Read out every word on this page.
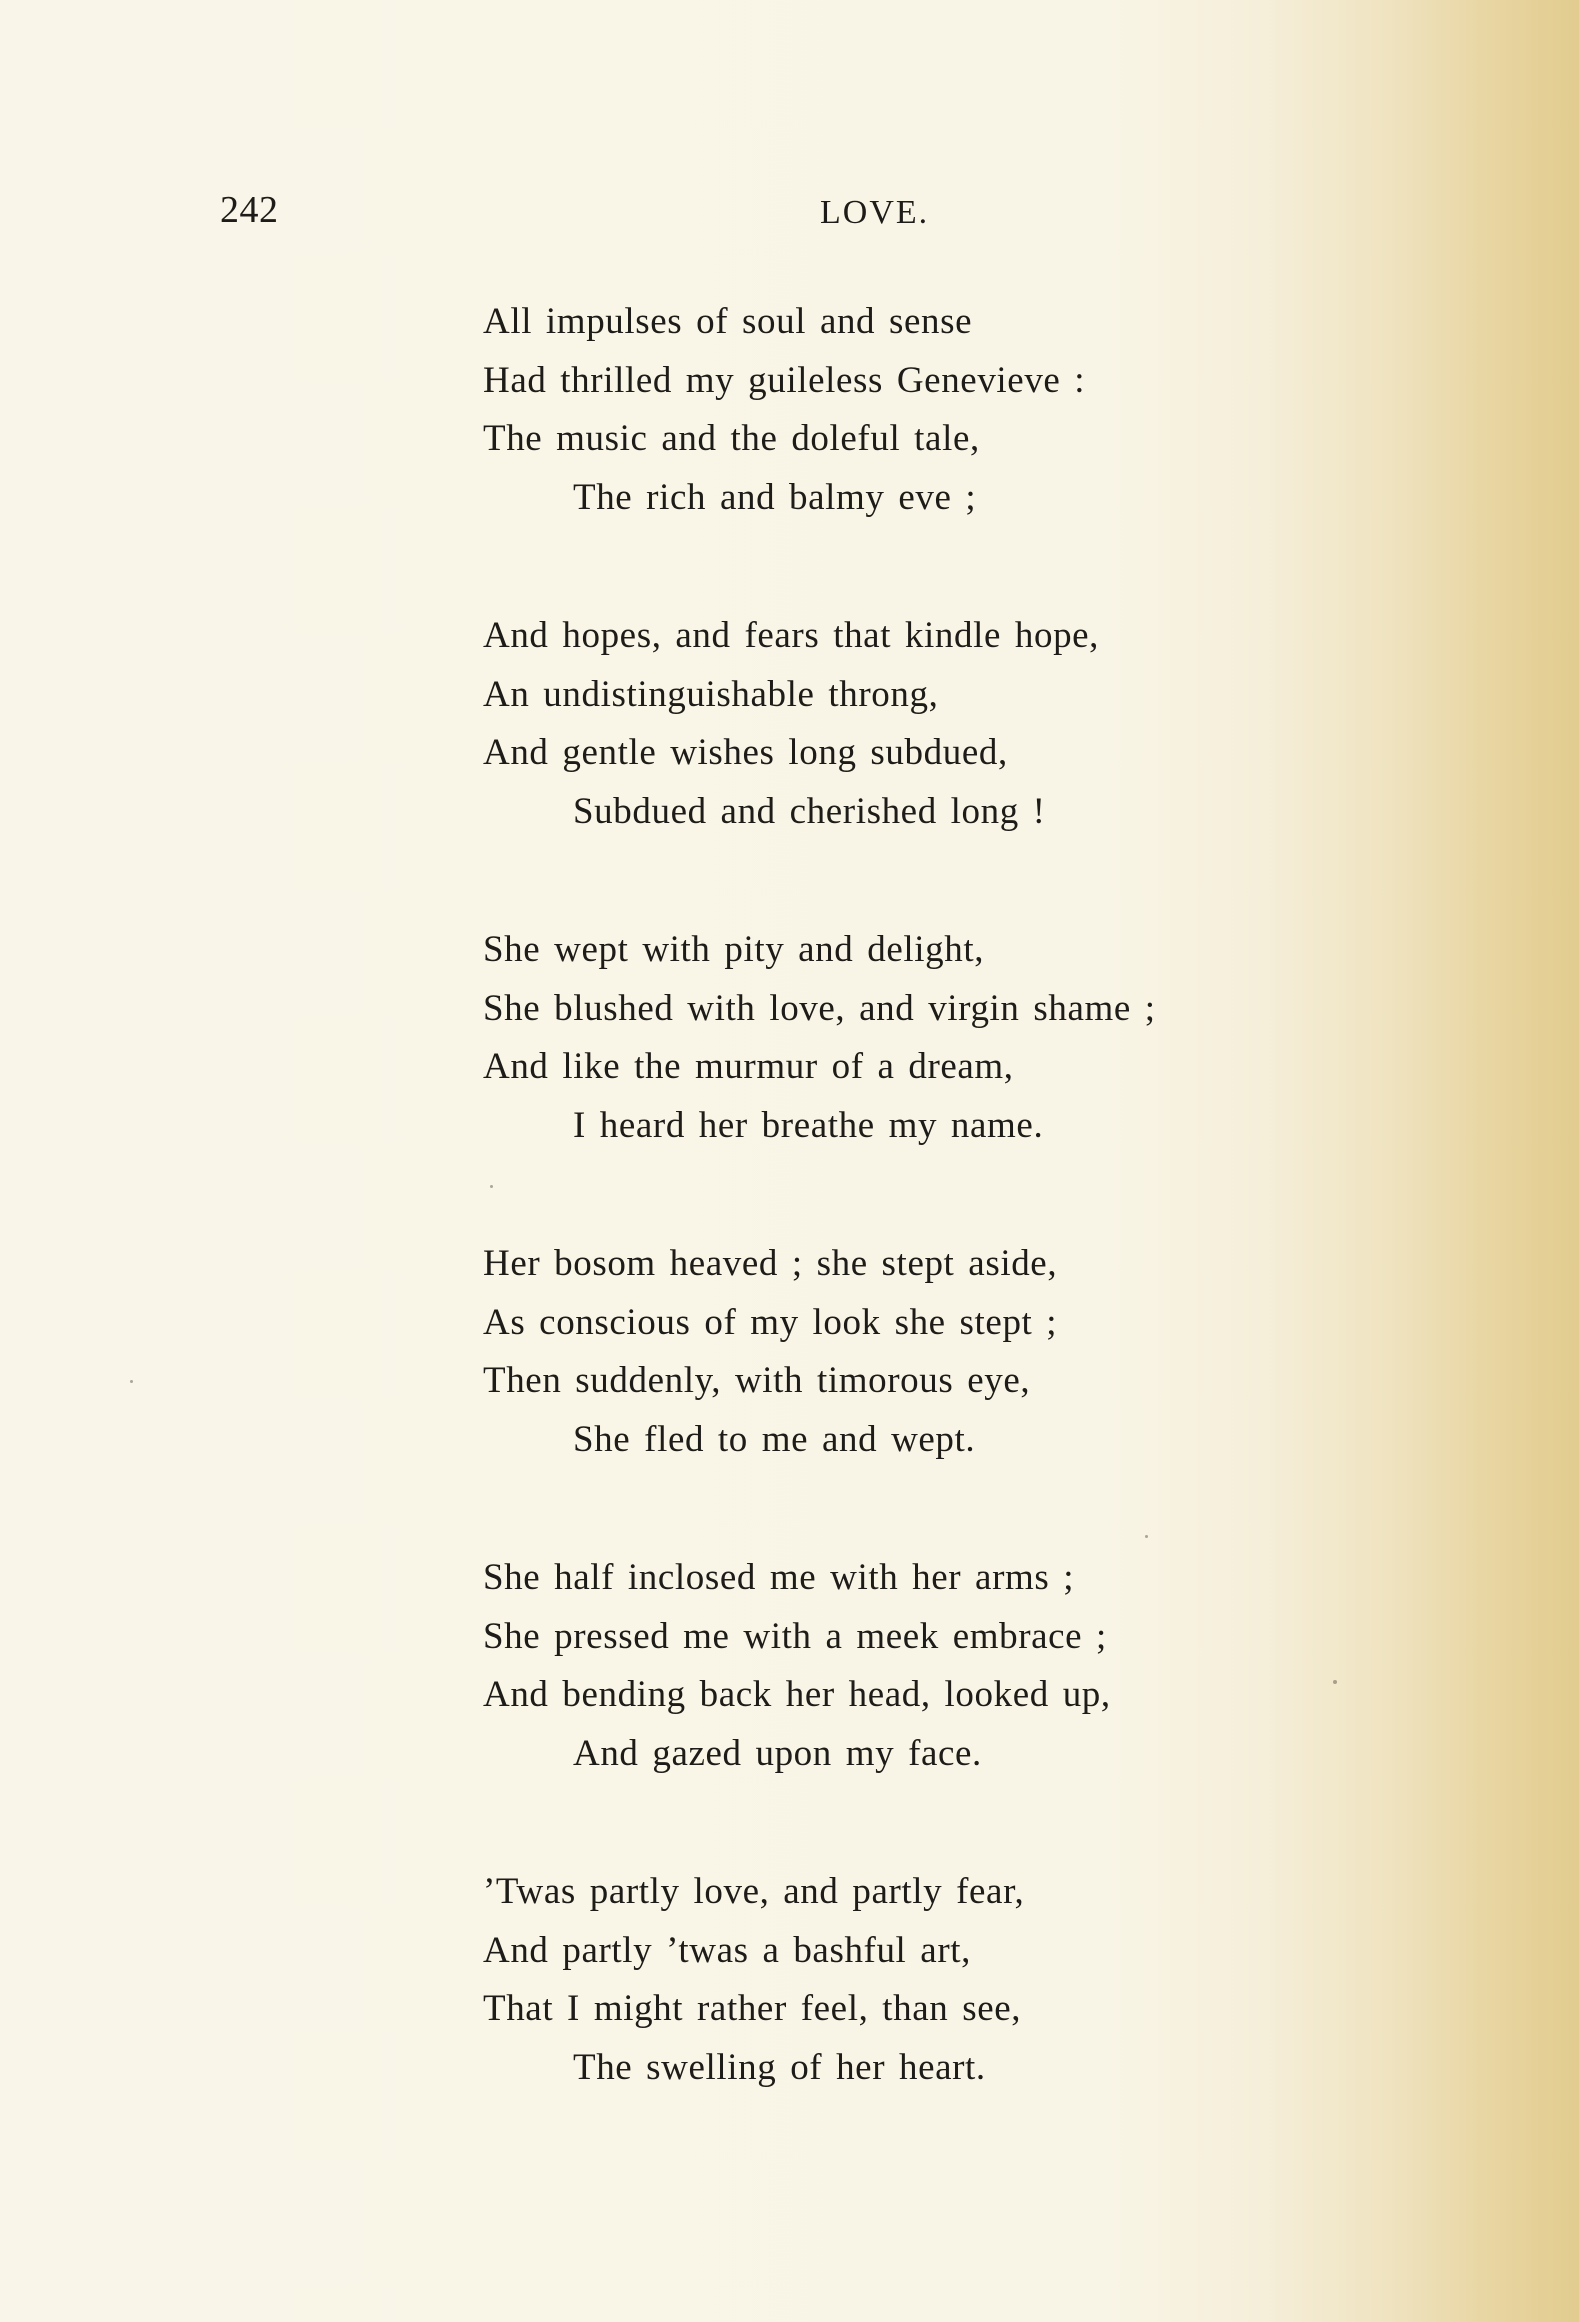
242	LOVE.
All impulses of soul and sense
Had thrilled my guileless Genevieve :
The music and the doleful tale,
The rich and balmy eve ;
And hopes, and fears that kindle hope,
An undistinguishable throng,
And gentle wishes long subdued,
Subdued and cherished long !
She wept with pity and delight,
She blushed with love, and virgin shame ;
And like the murmur of a dream,
I heard her breathe my name.
Her bosom heaved ; she stept aside,
As conscious of my look she stept ;
Then suddenly, with timorous eye,
She fled to me and wept.
She half inclosed me with her arms ;
She pressed me with a meek embrace ;
And bending back her head, looked up,
And gazed upon my face.
’Twas partly love, and partly fear,
And partly ’twas a bashful art,
That I might rather feel, than see,
The swelling of her heart.
